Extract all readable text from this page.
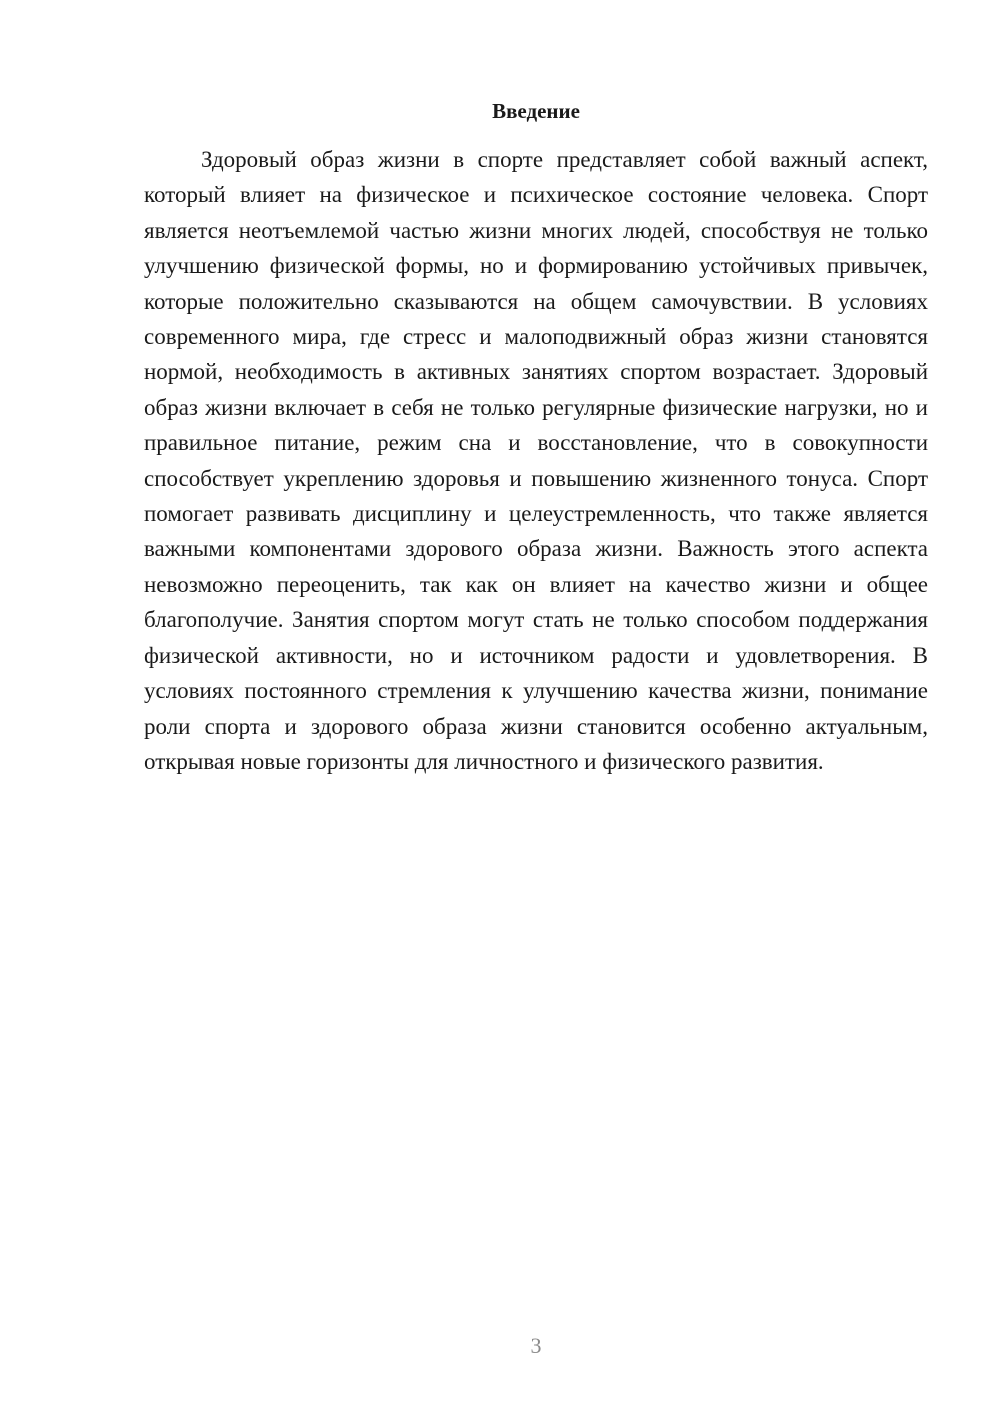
Введение

Здоровый образ жизни в спорте представляет собой важный аспект, который влияет на физическое и психическое состояние человека. Спорт является неотъемлемой частью жизни многих людей, способствуя не только улучшению физической формы, но и формированию устойчивых привычек, которые положительно сказываются на общем самочувствии. В условиях современного мира, где стресс и малоподвижный образ жизни становятся нормой, необходимость в активных занятиях спортом возрастает. Здоровый образ жизни включает в себя не только регулярные физические нагрузки, но и правильное питание, режим сна и восстановление, что в совокупности способствует укреплению здоровья и повышению жизненного тонуса. Спорт помогает развивать дисциплину и целеустремленность, что также является важными компонентами здорового образа жизни. Важность этого аспекта невозможно переоценить, так как он влияет на качество жизни и общее благополучие. Занятия спортом могут стать не только способом поддержания физической активности, но и источником радости и удовлетворения. В условиях постоянного стремления к улучшению качества жизни, понимание роли спорта и здорового образа жизни становится особенно актуальным, открывая новые горизонты для личностного и физического развития.

3
